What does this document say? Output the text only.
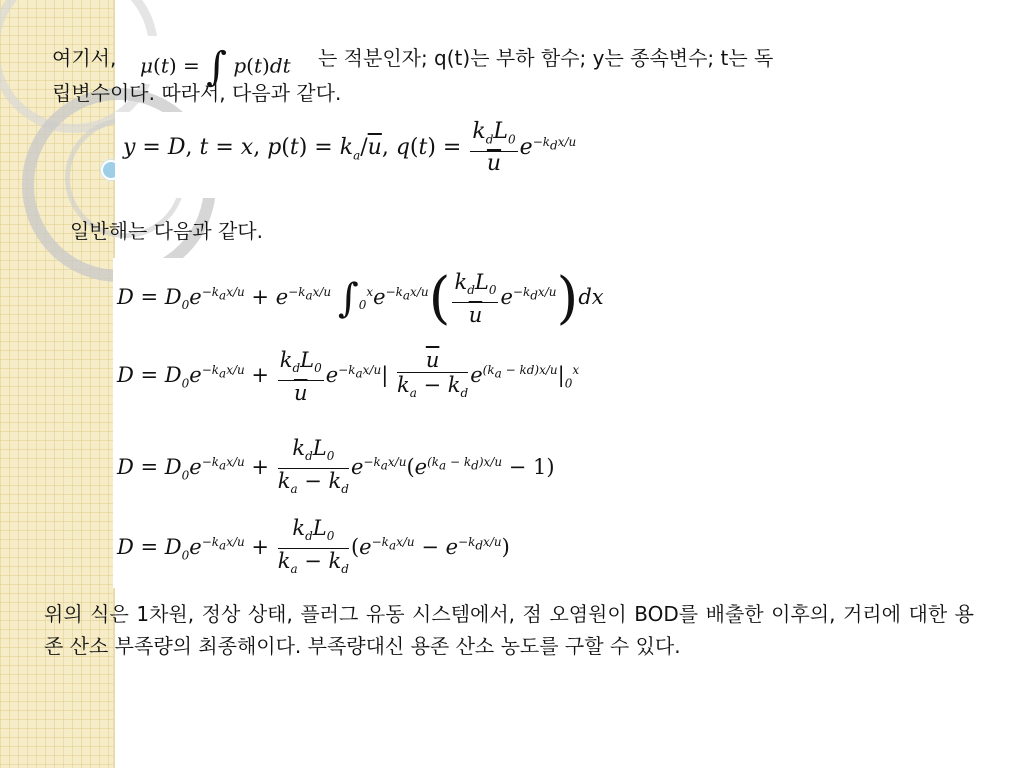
여기서, μ(t) = ∫ p(t)dt 는 적분인자; q(t)는 부하 함수; y는 종속변수; t는 독
립변수이다. 따라서, 다음과 같다.
y = D, t = x, $p(t) = k_a/\overline{u}$, $q(t) = \frac{k_dL_0}{u} e^{-k_dx/u}$
일반해는 다음과 같다.
$D = D_0e^{-k_ax/u} + e^{-k_ax/u}$ $\int_0^xe^{-k_ax/u}( \frac{k_dL_0}{u} e^{-k_dx/u})dx$
$D = D_0e^{-k_ax/u} + \frac{k_dL_0}{u} e^{-k_ax/u}| \frac{\overline{u}}{k_a - k_d} e^{(k_a - kd)x/u}|_0^x$
$D = D_0e^{-k_ax/u} + \frac{k_dL_0}{k_a - k_d} e^{-k_ax/u}(e^{(k_a - k_d)x/u} - 1)$
$D = D_0e^{-k_ax/u} + \frac{k_dL_0}{k_a - k_d} (e^{-k_ax/u} - e^{-k_dx/u})$
위의 식은 1차원, 정상 상태, 플러그 유동 시스템에서, 점 오염원이 BOD를 배출한 이후의, 거리에 대한 용존 산소 부족량의 최종해이다. 부족량대신 용존 산소 농도를 구할 수 있다.
